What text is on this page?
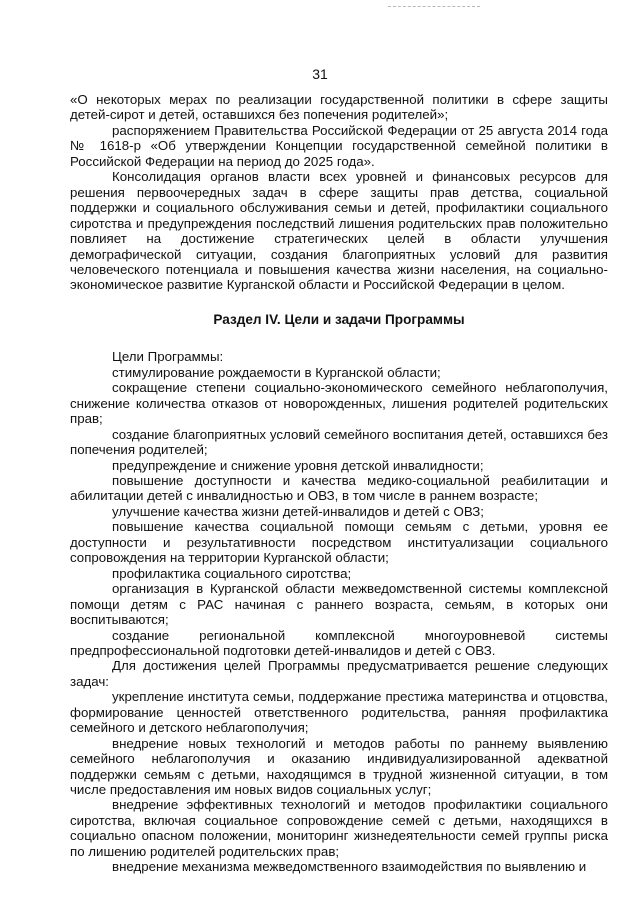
31

«О некоторых мерах по реализации государственной политики в сфере защиты детей-сирот и детей, оставшихся без попечения родителей»;

распоряжением Правительства Российской Федерации от 25 августа 2014 года № 1618-р «Об утверждении Концепции государственной семейной политики в Российской Федерации на период до 2025 года».

Консолидация органов власти всех уровней и финансовых ресурсов для решения первоочередных задач в сфере защиты прав детства, социальной поддержки и социального обслуживания семьи и детей, профилактики социального сиротства и предупреждения последствий лишения родительских прав положительно повлияет на достижение стратегических целей в области улучшения демографической ситуации, создания благоприятных условий для развития человеческого потенциала и повышения качества жизни населения, на социально-экономическое развитие Курганской области и Российской Федерации в целом.

Раздел IV. Цели и задачи Программы

Цели Программы:

стимулирование рождаемости в Курганской области;

сокращение степени социально-экономического семейного неблагополучия, снижение количества отказов от новорожденных, лишения родителей родительских прав;

создание благоприятных условий семейного воспитания детей, оставшихся без попечения родителей;

предупреждение и снижение уровня детской инвалидности;

повышение доступности и качества медико-социальной реабилитации и абилитации детей с инвалидностью и ОВЗ, в том числе в раннем возрасте;

улучшение качества жизни детей-инвалидов и детей с ОВЗ;

повышение качества социальной помощи семьям с детьми, уровня ее доступности и результативности посредством институализации социального сопровождения на территории Курганской области;

профилактика социального сиротства;

организация в Курганской области межведомственной системы комплексной помощи детям с РАС начиная с раннего возраста, семьям, в которых они воспитываются;

создание региональной комплексной многоуровневой системы предпрофессиональной подготовки детей-инвалидов и детей с ОВЗ.

Для достижения целей Программы предусматривается решение следующих задач:

укрепление института семьи, поддержание престижа материнства и отцовства, формирование ценностей ответственного родительства, ранняя профилактика семейного и детского неблагополучия;

внедрение новых технологий и методов работы по раннему выявлению семейного неблагополучия и оказанию индивидуализированной адекватной поддержки семьям с детьми, находящимся в трудной жизненной ситуации, в том числе предоставления им новых видов социальных услуг;

внедрение эффективных технологий и методов профилактики социального сиротства, включая социальное сопровождение семей с детьми, находящихся в социально опасном положении, мониторинг жизнедеятельности семей группы риска по лишению родителей родительских прав;

внедрение механизма межведомственного взаимодействия по выявлению и
